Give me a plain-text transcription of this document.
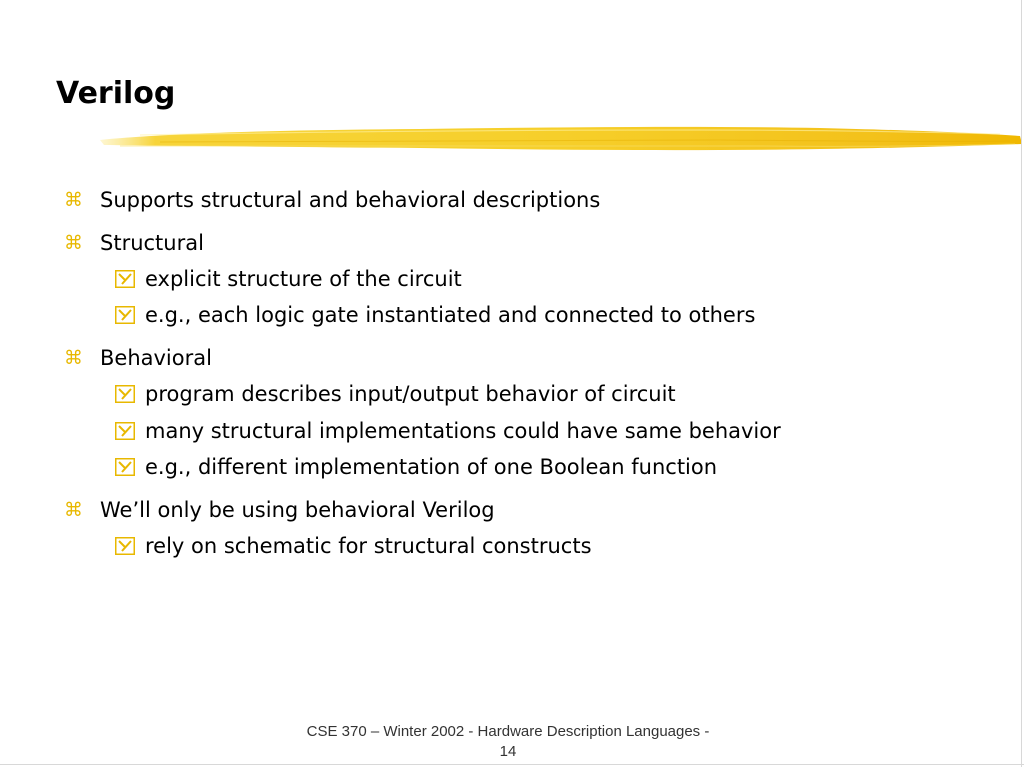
Verilog
⌘ Supports structural and behavioral descriptions
⌘ Structural
explicit structure of the circuit
e.g., each logic gate instantiated and connected to others
⌘ Behavioral
program describes input/output behavior of circuit
many structural implementations could have same behavior
e.g., different implementation of one Boolean function
⌘ We’ll only be using behavioral Verilog
rely on schematic for structural constructs
CSE 370 – Winter 2002 - Hardware Description Languages -
14
